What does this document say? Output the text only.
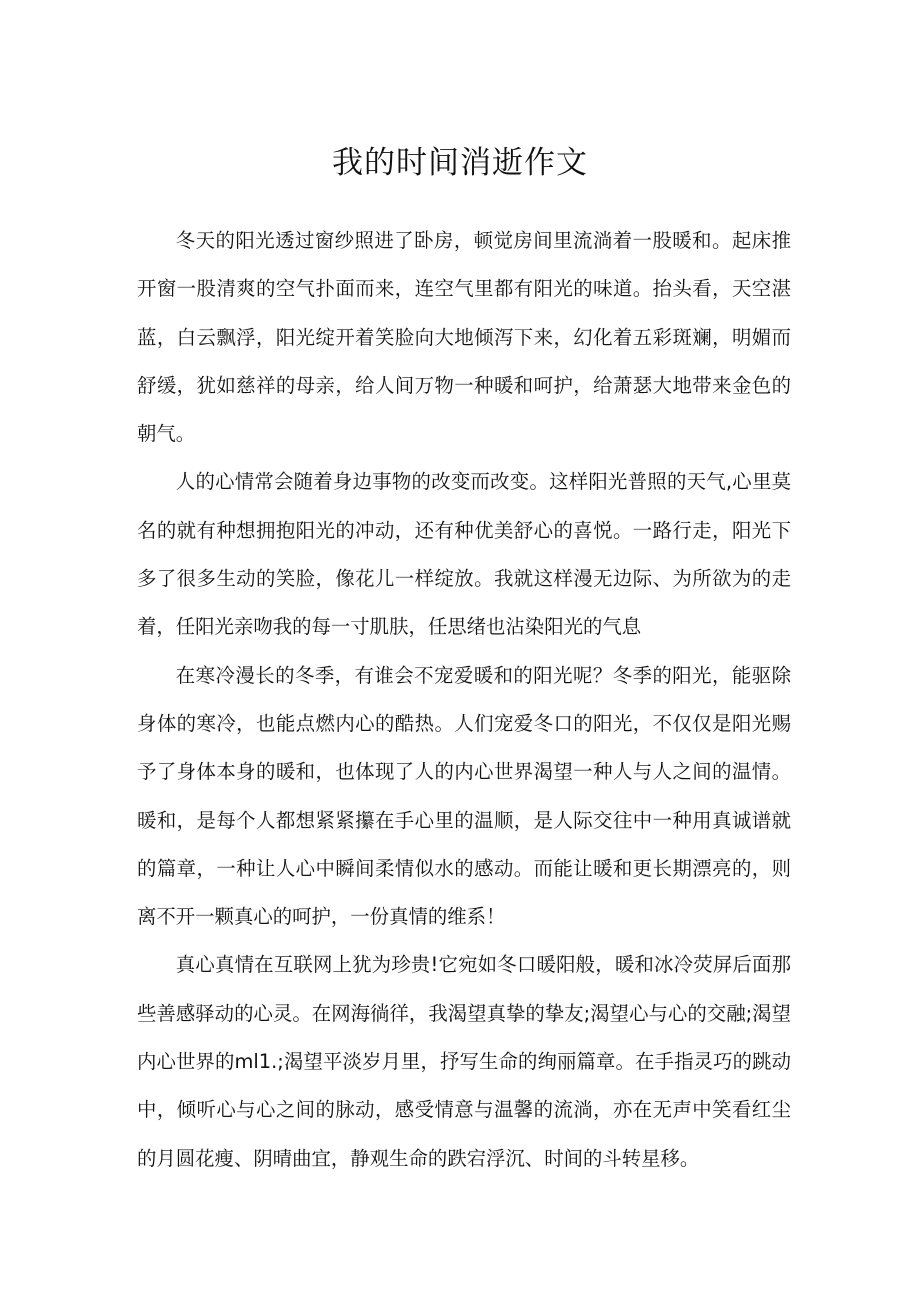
我的时间消逝作文

冬天的阳光透过窗纱照进了卧房，顿觉房间里流淌着一股暖和。起床推开窗一股清爽的空气扑面而来，连空气里都有阳光的味道。抬头看，天空湛蓝，白云飘浮，阳光绽开着笑脸向大地倾泻下来，幻化着五彩斑斓，明媚而舒缓，犹如慈祥的母亲，给人间万物一种暖和呵护，给萧瑟大地带来金色的朝气。

人的心情常会随着身边事物的改变而改变。这样阳光普照的天气,心里莫名的就有种想拥抱阳光的冲动，还有种优美舒心的喜悦。一路行走，阳光下多了很多生动的笑脸，像花儿一样绽放。我就这样漫无边际、为所欲为的走着，任阳光亲吻我的每一寸肌肤，任思绪也沾染阳光的气息

在寒冷漫长的冬季，有谁会不宠爱暖和的阳光呢？冬季的阳光，能驱除身体的寒冷，也能点燃内心的酷热。人们宠爱冬口的阳光，不仅仅是阳光赐予了身体本身的暖和，也体现了人的内心世界渴望一种人与人之间的温情。暖和，是每个人都想紧紧攥在手心里的温顺，是人际交往中一种用真诚谱就的篇章，一种让人心中瞬间柔情似水的感动。而能让暖和更长期漂亮的，则离不开一颗真心的呵护，一份真情的维系！

真心真情在互联网上犹为珍贵!它宛如冬口暖阳般，暖和冰冷荧屏后面那些善感驿动的心灵。在网海徜徉，我渴望真挚的挚友;渴望心与心的交融;渴望内心世界的ml1.;渴望平淡岁月里，抒写生命的绚丽篇章。在手指灵巧的跳动中，倾听心与心之间的脉动，感受情意与温馨的流淌，亦在无声中笑看红尘的月圆花瘦、阴晴曲宜，静观生命的跌宕浮沉、时间的斗转星移。
